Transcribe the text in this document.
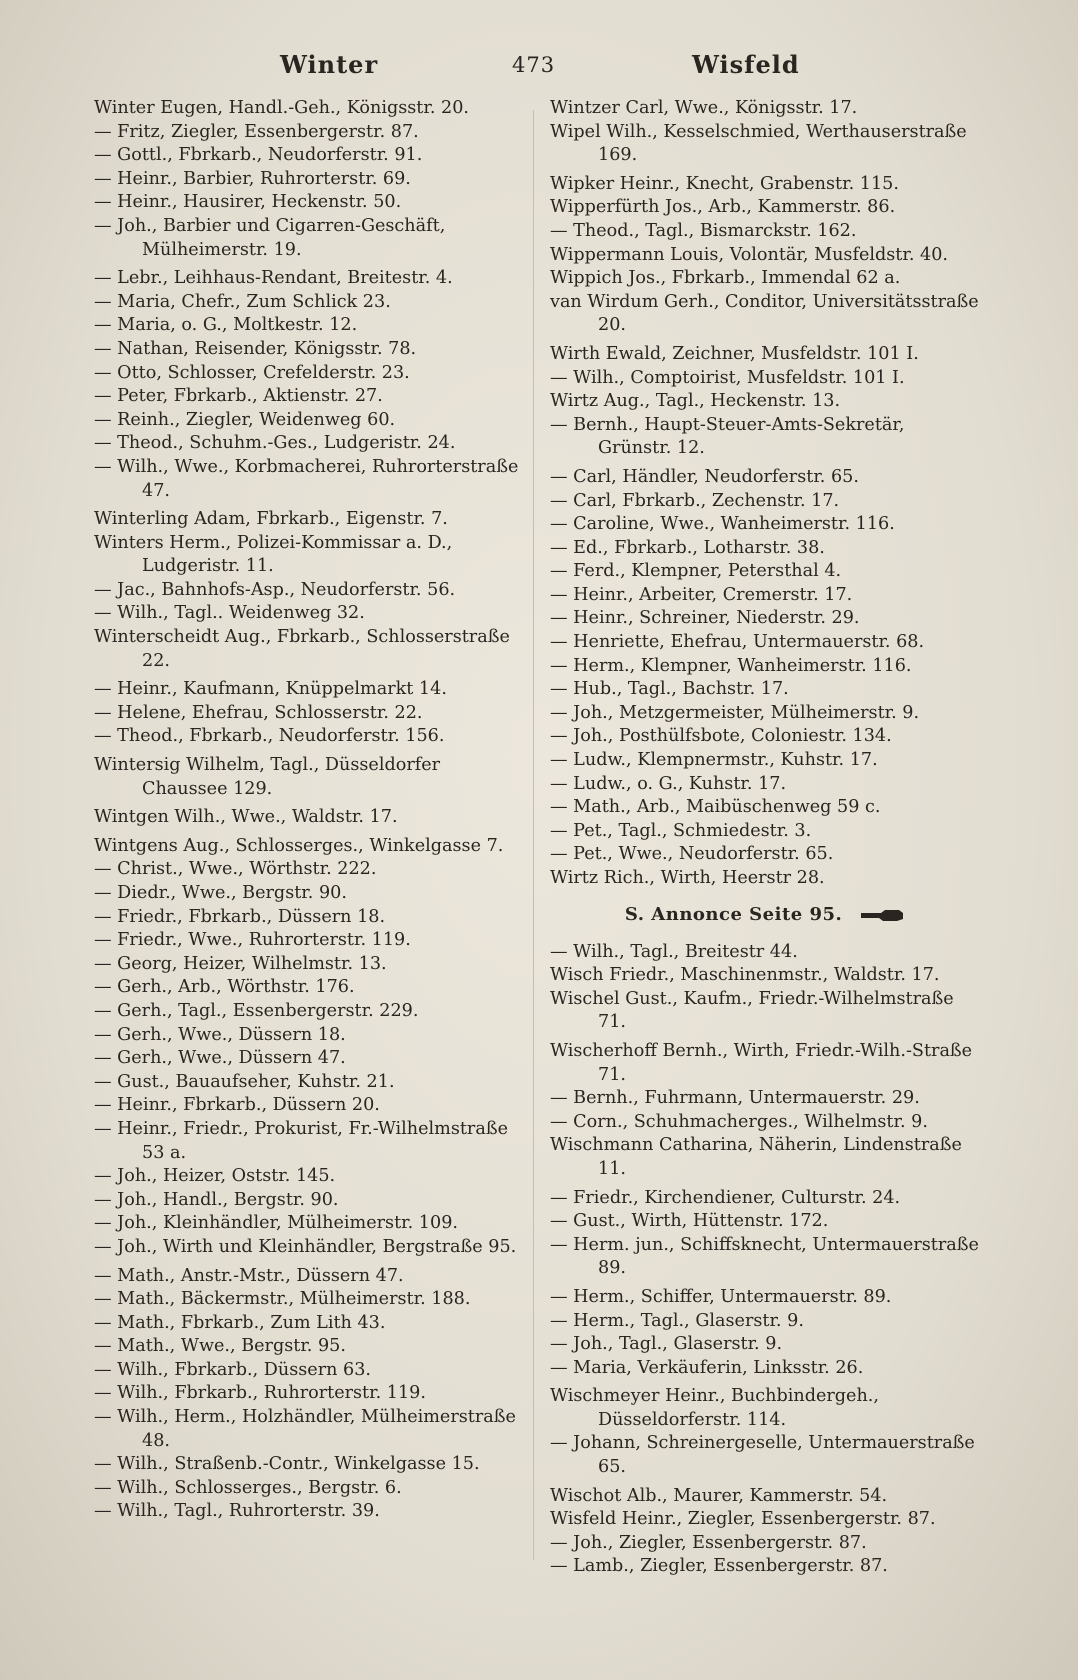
Winter	473	Wisfeld
Winter Eugen, Handl.-Geh., Königsstr. 20.
— Fritz, Ziegler, Essenbergerstr. 87.
— Gottl., Fbrkarb., Neudorferstr. 91.
— Heinr., Barbier, Ruhrorterstr. 69.
— Heinr., Hausirer, Heckenstr. 50.
— Joh., Barbier und Cigarren-Geschäft, Mülheimerstr. 19.
— Lebr., Leihhaus-Rendant, Breitestr. 4.
— Maria, Chefr., Zum Schlick 23.
— Maria, o. G., Moltkestr. 12.
— Nathan, Reisender, Königsstr. 78.
— Otto, Schlosser, Crefelderstr. 23.
— Peter, Fbrkarb., Aktienstr. 27.
— Reinh., Ziegler, Weidenweg 60.
— Theod., Schuhm.-Ges., Ludgeristr. 24.
— Wilh., Wwe., Korbmacherei, Ruhrorterstraße 47.
Winterling Adam, Fbrkarb., Eigenstr. 7.
Winters Herm., Polizei-Kommissar a. D., Ludgeristr. 11.
— Jac., Bahnhofs-Asp., Neudorferstr. 56.
— Wilh., Tagl.. Weidenweg 32.
Winterscheidt Aug., Fbrkarb., Schlosserstraße 22.
— Heinr., Kaufmann, Knüppelmarkt 14.
— Helene, Ehefrau, Schlosserstr. 22.
— Theod., Fbrkarb., Neudorferstr. 156.
Wintersig Wilhelm, Tagl., Düsseldorfer Chaussee 129.
Wintgen Wilh., Wwe., Waldstr. 17.
Wintgens Aug., Schlosserges., Winkelgasse 7.
— Christ., Wwe., Wörthstr. 222.
— Diedr., Wwe., Bergstr. 90.
— Friedr., Fbrkarb., Düssern 18.
— Friedr., Wwe., Ruhrorterstr. 119.
— Georg, Heizer, Wilhelmstr. 13.
— Gerh., Arb., Wörthstr. 176.
— Gerh., Tagl., Essenbergerstr. 229.
— Gerh., Wwe., Düssern 18.
— Gerh., Wwe., Düssern 47.
— Gust., Bauaufseher, Kuhstr. 21.
— Heinr., Fbrkarb., Düssern 20.
— Heinr., Friedr., Prokurist, Fr.-Wilhelmstraße 53 a.
— Joh., Heizer, Oststr. 145.
— Joh., Handl., Bergstr. 90.
— Joh., Kleinhändler, Mülheimerstr. 109.
— Joh., Wirth und Kleinhändler, Bergstraße 95.
— Math., Anstr.-Mstr., Düssern 47.
— Math., Bäckermstr., Mülheimerstr. 188.
— Math., Fbrkarb., Zum Lith 43.
— Math., Wwe., Bergstr. 95.
— Wilh., Fbrkarb., Düssern 63.
— Wilh., Fbrkarb., Ruhrorterstr. 119.
— Wilh., Herm., Holzhändler, Mülheimerstraße 48.
— Wilh., Straßenb.-Contr., Winkelgasse 15.
— Wilh., Schlosserges., Bergstr. 6.
— Wilh., Tagl., Ruhrorterstr. 39.
Wintzer Carl, Wwe., Königsstr. 17.
Wipel Wilh., Kesselschmied, Werthauserstraße 169.
Wipker Heinr., Knecht, Grabenstr. 115.
Wipperfürth Jos., Arb., Kammerstr. 86.
— Theod., Tagl., Bismarckstr. 162.
Wippermann Louis, Volontär, Musfeldstr. 40.
Wippich Jos., Fbrkarb., Immendal 62 a.
van Wirdum Gerh., Conditor, Universitätsstraße 20.
Wirth Ewald, Zeichner, Musfeldstr. 101 I.
— Wilh., Comptoirist, Musfeldstr. 101 I.
Wirtz Aug., Tagl., Heckenstr. 13.
— Bernh., Haupt-Steuer-Amts-Sekretär, Grünstr. 12.
— Carl, Händler, Neudorferstr. 65.
— Carl, Fbrkarb., Zechenstr. 17.
— Caroline, Wwe., Wanheimerstr. 116.
— Ed., Fbrkarb., Lotharstr. 38.
— Ferd., Klempner, Petersthal 4.
— Heinr., Arbeiter, Cremerstr. 17.
— Heinr., Schreiner, Niederstr. 29.
— Henriette, Ehefrau, Untermauerstr. 68.
— Herm., Klempner, Wanheimerstr. 116.
— Hub., Tagl., Bachstr. 17.
— Joh., Metzgermeister, Mülheimerstr. 9.
— Joh., Posthülfsbote, Coloniestr. 134.
— Ludw., Klempnermstr., Kuhstr. 17.
— Ludw., o. G., Kuhstr. 17.
— Math., Arb., Maibüschenweg 59 c.
— Pet., Tagl., Schmiedestr. 3.
— Pet., Wwe., Neudorferstr. 65.
Wirtz Rich., Wirth, Heerstr 28.
S. Annonce Seite 95.
— Wilh., Tagl., Breitestr 44.
Wisch Friedr., Maschinenmstr., Waldstr. 17.
Wischel Gust., Kaufm., Friedr.-Wilhelmstraße 71.
Wischerhoff Bernh., Wirth, Friedr.-Wilh.-Straße 71.
— Bernh., Fuhrmann, Untermauerstr. 29.
— Corn., Schuhmacherges., Wilhelmstr. 9.
Wischmann Catharina, Näherin, Lindenstraße 11.
— Friedr., Kirchendiener, Culturstr. 24.
— Gust., Wirth, Hüttenstr. 172.
— Herm. jun., Schiffsknecht, Untermauerstraße 89.
— Herm., Schiffer, Untermauerstr. 89.
— Herm., Tagl., Glaserstr. 9.
— Joh., Tagl., Glaserstr. 9.
— Maria, Verkäuferin, Linksstr. 26.
Wischmeyer Heinr., Buchbindergeh., Düsseldorferstr. 114.
— Johann, Schreinergeselle, Untermauerstraße 65.
Wischot Alb., Maurer, Kammerstr. 54.
Wisfeld Heinr., Ziegler, Essenbergerstr. 87.
— Joh., Ziegler, Essenbergerstr. 87.
— Lamb., Ziegler, Essenbergerstr. 87.
